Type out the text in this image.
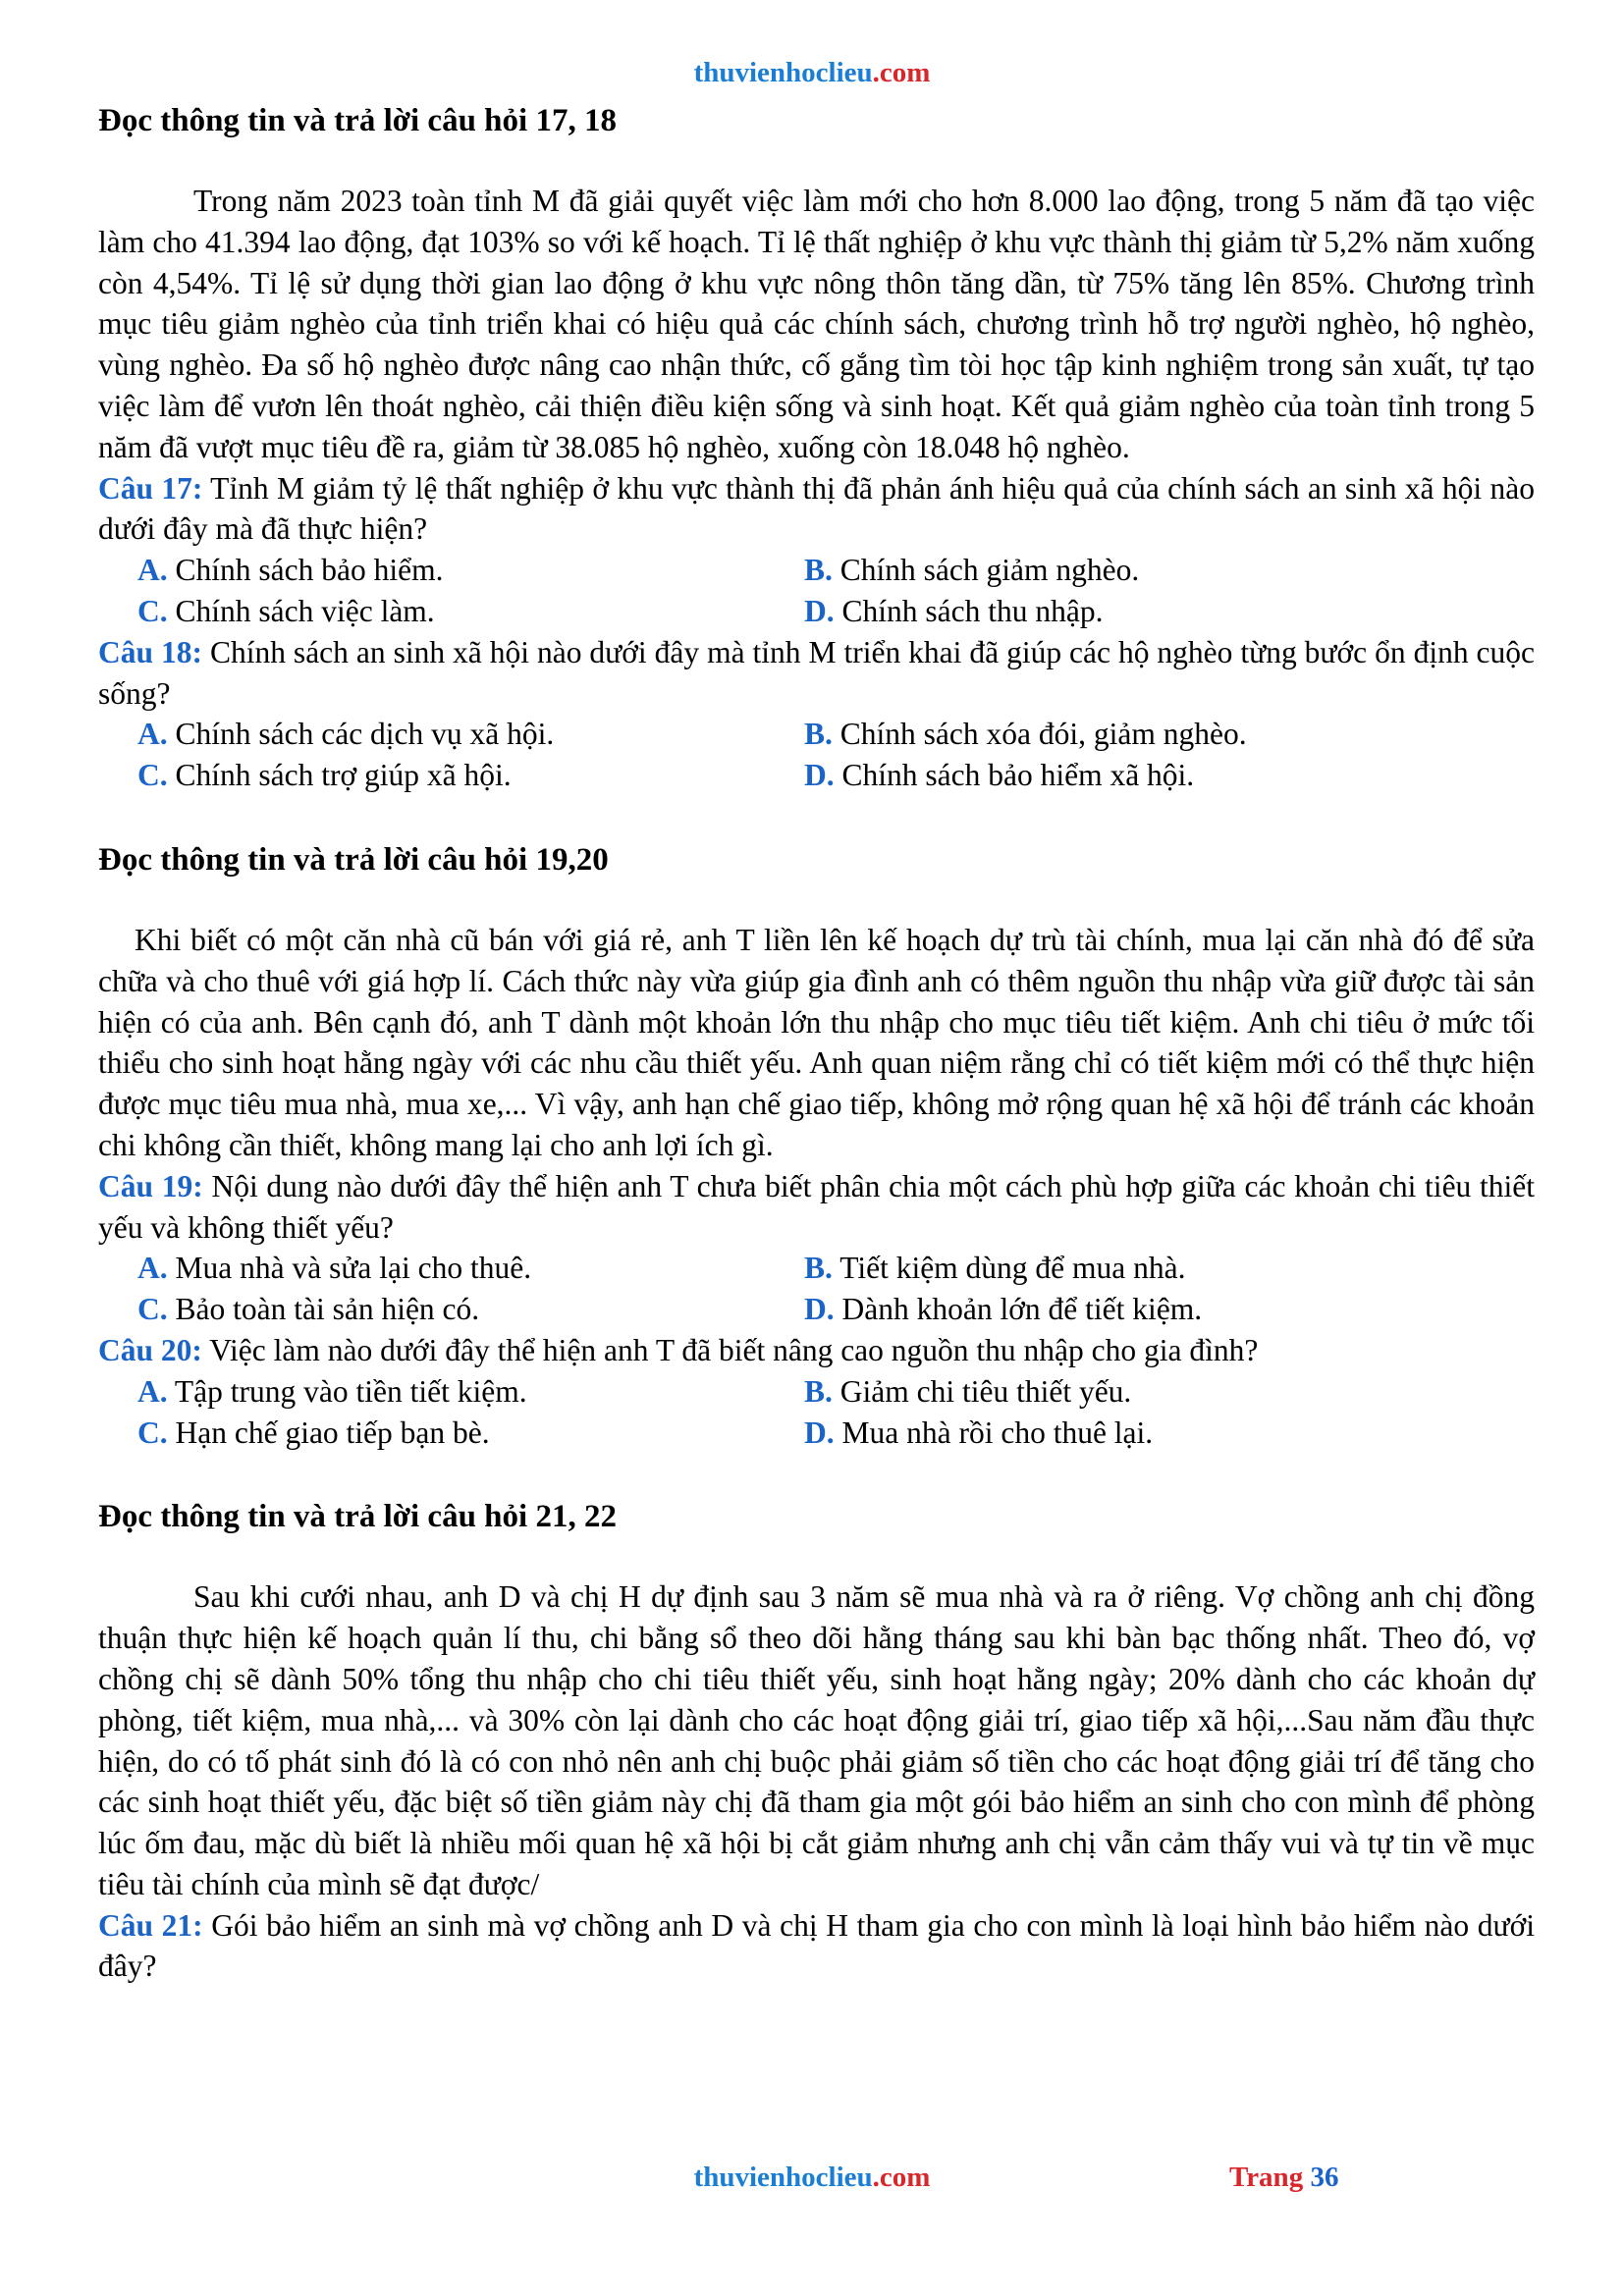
thuvienhoclieu.com
Đọc thông tin và trả lời câu hỏi 17, 18

Trong năm 2023 toàn tỉnh M đã giải quyết việc làm mới cho hơn 8.000 lao động, trong 5 năm đã tạo việc làm cho 41.394 lao động, đạt 103% so với kế hoạch. Tỉ lệ thất nghiệp ở khu vực thành thị giảm từ 5,2% năm xuống còn 4,54%. Tỉ lệ sử dụng thời gian lao động ở khu vực nông thôn tăng dần, từ 75% tăng lên 85%. Chương trình mục tiêu giảm nghèo của tỉnh triển khai có hiệu quả các chính sách, chương trình hỗ trợ người nghèo, hộ nghèo, vùng nghèo. Đa số hộ nghèo được nâng cao nhận thức, cố gắng tìm tòi học tập kinh nghiệm trong sản xuất, tự tạo việc làm để vươn lên thoát nghèo, cải thiện điều kiện sống và sinh hoạt. Kết quả giảm nghèo của toàn tỉnh trong 5 năm đã vượt mục tiêu đề ra, giảm từ 38.085 hộ nghèo, xuống còn 18.048 hộ nghèo.

Câu 17: Tỉnh M giảm tỷ lệ thất nghiệp ở khu vực thành thị đã phản ánh hiệu quả của chính sách an sinh xã hội nào dưới đây mà đã thực hiện?

A. Chính sách bảo hiểm.	B. Chính sách giảm nghèo.
C. Chính sách việc làm.	D. Chính sách thu nhập.

Câu 18: Chính sách an sinh xã hội nào dưới đây mà tỉnh M triển khai đã giúp các hộ nghèo từng bước ổn định cuộc sống?

A. Chính sách các dịch vụ xã hội.	B. Chính sách xóa đói, giảm nghèo.
C. Chính sách trợ giúp xã hội.	D. Chính sách bảo hiểm xã hội.
Đọc thông tin và trả lời câu hỏi 19,20

Khi biết có một căn nhà cũ bán với giá rẻ, anh T liền lên kế hoạch dự trù tài chính, mua lại căn nhà đó để sửa chữa và cho thuê với giá hợp lí. Cách thức này vừa giúp gia đình anh có thêm nguồn thu nhập vừa giữ được tài sản hiện có của anh. Bên cạnh đó, anh T dành một khoản lớn thu nhập cho mục tiêu tiết kiệm. Anh chi tiêu ở mức tối thiểu cho sinh hoạt hằng ngày với các nhu cầu thiết yếu. Anh quan niệm rằng chỉ có tiết kiệm mới có thể thực hiện được mục tiêu mua nhà, mua xe,... Vì vậy, anh hạn chế giao tiếp, không mở rộng quan hệ xã hội để tránh các khoản chi không cần thiết, không mang lại cho anh lợi ích gì.

Câu 19: Nội dung nào dưới đây thể hiện anh T chưa biết phân chia một cách phù hợp giữa các khoản chi tiêu thiết yếu và không thiết yếu?

A. Mua nhà và sửa lại cho thuê.	B. Tiết kiệm dùng để mua nhà.
C. Bảo toàn tài sản hiện có.	D. Dành khoản lớn để tiết kiệm.

Câu 20: Việc làm nào dưới đây thể hiện anh T đã biết nâng cao nguồn thu nhập cho gia đình?

A. Tập trung vào tiền tiết kiệm.	B. Giảm chi tiêu thiết yếu.
C. Hạn chế giao tiếp bạn bè.	D. Mua nhà rồi cho thuê lại.
Đọc thông tin và trả lời câu hỏi 21, 22

Sau khi cưới nhau, anh D và chị H dự định sau 3 năm sẽ mua nhà và ra ở riêng. Vợ chồng anh chị đồng thuận thực hiện kế hoạch quản lí thu, chi bằng sổ theo dõi hằng tháng sau khi bàn bạc thống nhất. Theo đó, vợ chồng chị sẽ dành 50% tổng thu nhập cho chi tiêu thiết yếu, sinh hoạt hằng ngày; 20% dành cho các khoản dự phòng, tiết kiệm, mua nhà,... và 30% còn lại dành cho các hoạt động giải trí, giao tiếp xã hội,...Sau năm đầu thực hiện, do có tố phát sinh đó là có con nhỏ nên anh chị buộc phải giảm số tiền cho các hoạt động giải trí để tăng cho các sinh hoạt thiết yếu, đặc biệt số tiền giảm này chị đã tham gia một gói bảo hiểm an sinh cho con mình để phòng lúc ốm đau, mặc dù biết là nhiều mối quan hệ xã hội bị cắt giảm nhưng anh chị vẫn cảm thấy vui và tự tin về mục tiêu tài chính của mình sẽ đạt được/

Câu 21: Gói bảo hiểm an sinh mà vợ chồng anh D và chị H tham gia cho con mình là loại hình bảo hiểm nào dưới đây?

thuvienhoclieu.com	Trang 36
